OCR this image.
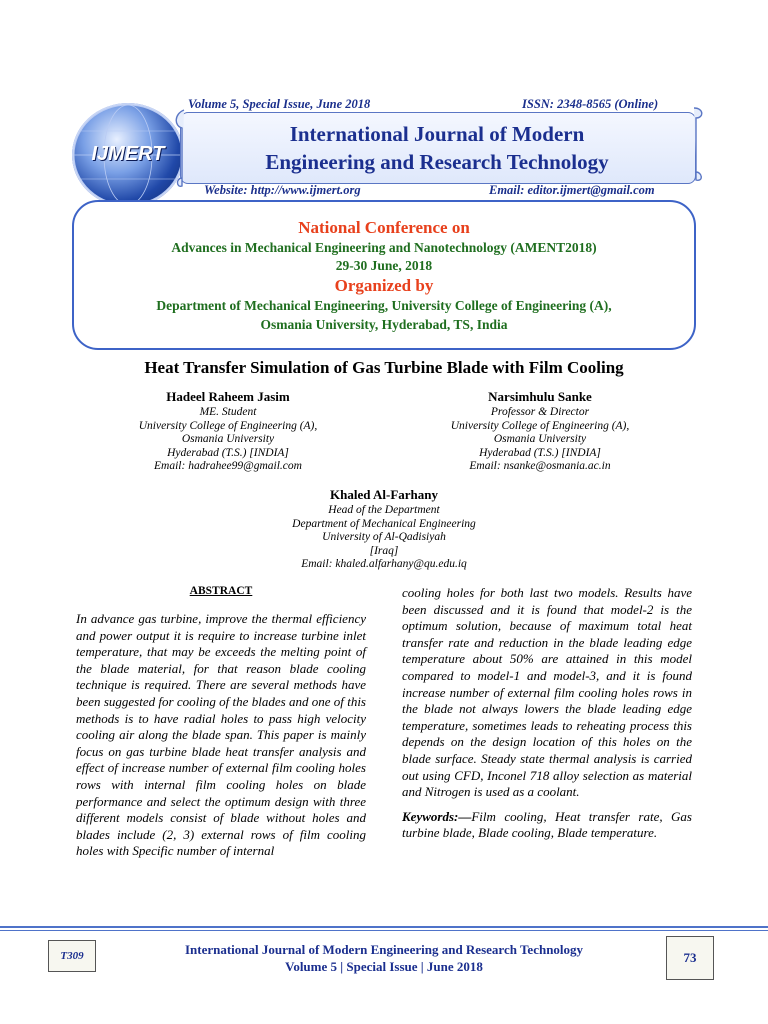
Volume 5, Special Issue, June 2018	ISSN: 2348-8565 (Online)
IJMERT
International Journal of Modern
Engineering and Research Technology
Website: http://www.ijmert.org	Email: editor.ijmert@gmail.com
National Conference on
Advances in Mechanical Engineering and Nanotechnology (AMENT2018)
29-30 June, 2018
Organized by
Department of Mechanical Engineering, University College of Engineering (A),
Osmania University, Hyderabad, TS, India
Heat Transfer Simulation of Gas Turbine Blade with Film Cooling
Hadeel Raheem Jasim
ME. Student
University College of Engineering (A),
Osmania University
Hyderabad (T.S.) [INDIA]
Email: hadrahee99@gmail.com
Narsimhulu Sanke
Professor & Director
University College of Engineering (A),
Osmania University
Hyderabad (T.S.) [INDIA]
Email: nsanke@osmania.ac.in
Khaled Al-Farhany
Head of the Department
Department of Mechanical Engineering
University of Al-Qadisiyah
[Iraq]
Email: khaled.alfarhany@qu.edu.iq
ABSTRACT
In advance gas turbine, improve the thermal efficiency and power output it is require to increase turbine inlet temperature, that may be exceeds the melting point of the blade material, for that reason blade cooling technique is required. There are several methods have been suggested for cooling of the blades and one of this methods is to have radial holes to pass high velocity cooling air along the blade span. This paper is mainly focus on gas turbine blade heat transfer analysis and effect of increase number of external film cooling holes rows with internal film cooling holes on blade performance and select the optimum design with three different models consist of blade without holes and blades include (2, 3) external rows of film cooling holes with Specific number of internal
cooling holes for both last two models. Results have been discussed and it is found that model-2 is the optimum solution, because of maximum total heat transfer rate and reduction in the blade leading edge temperature about 50% are attained in this model compared to model-1 and model-3, and it is found increase number of external film cooling holes rows in the blade not always lowers the blade leading edge temperature, sometimes leads to reheating process this depends on the design location of this holes on the blade surface. Steady state thermal analysis is carried out using CFD, Inconel 718 alloy selection as material and Nitrogen is used as a coolant.
Keywords:—Film cooling, Heat transfer rate, Gas turbine blade, Blade cooling, Blade temperature.
T309	International Journal of Modern Engineering and Research Technology
Volume 5 | Special Issue | June 2018
73
